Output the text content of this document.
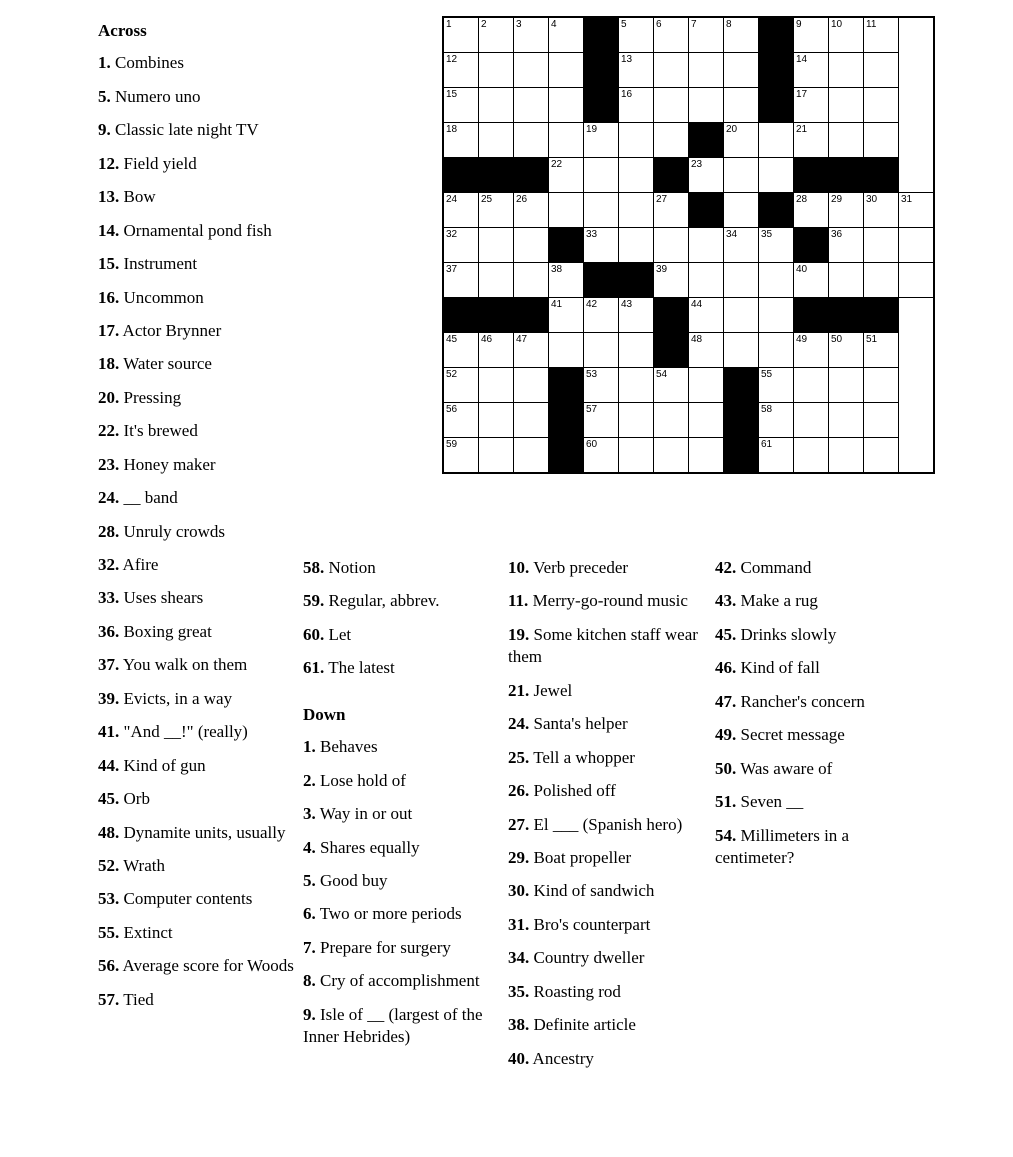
Across
1. Combines
5. Numero uno
9. Classic late night TV
12. Field yield
13. Bow
14. Ornamental pond fish
15. Instrument
16. Uncommon
17. Actor Brynner
18. Water source
20. Pressing
22. It's brewed
23. Honey maker
24. __ band
28. Unruly crowds
32. Afire
33. Uses shears
36. Boxing great
37. You walk on them
39. Evicts, in a way
41. "And __!" (really)
44. Kind of gun
45. Orb
48. Dynamite units, usually
52. Wrath
53. Computer contents
55. Extinct
56. Average score for Woods
57. Tied
1	2	3	4		5	6	7	8		9	10	11	

12					13					14			

15					16					17			

18				19				20		21			

			22				23						

24	25	26				27				28	29	30	31

32				33				34	35		36		

37			38			39				40			

			41	42	43		44						

45	46	47					48			49	50	51	

52				53		54			55				

56				57					58				

59				60					61				

58. Notion
59. Regular, abbrev.
60. Let
61. The latest
Down
1. Behaves
2. Lose hold of
3. Way in or out
4. Shares equally
5. Good buy
6. Two or more periods
7. Prepare for surgery
8. Cry of accomplishment
9. Isle of __ (largest of the Inner Hebrides)
10. Verb preceder
11. Merry-go-round music
19. Some kitchen staff wear them
21. Jewel
24. Santa's helper
25. Tell a whopper
26. Polished off
27. El ___ (Spanish hero)
29. Boat propeller
30. Kind of sandwich
31. Bro's counterpart
34. Country dweller
35. Roasting rod
38. Definite article
40. Ancestry
42. Command
43. Make a rug
45. Drinks slowly
46. Kind of fall
47. Rancher's concern
49. Secret message
50. Was aware of
51. Seven __
54. Millimeters in a centimeter?
